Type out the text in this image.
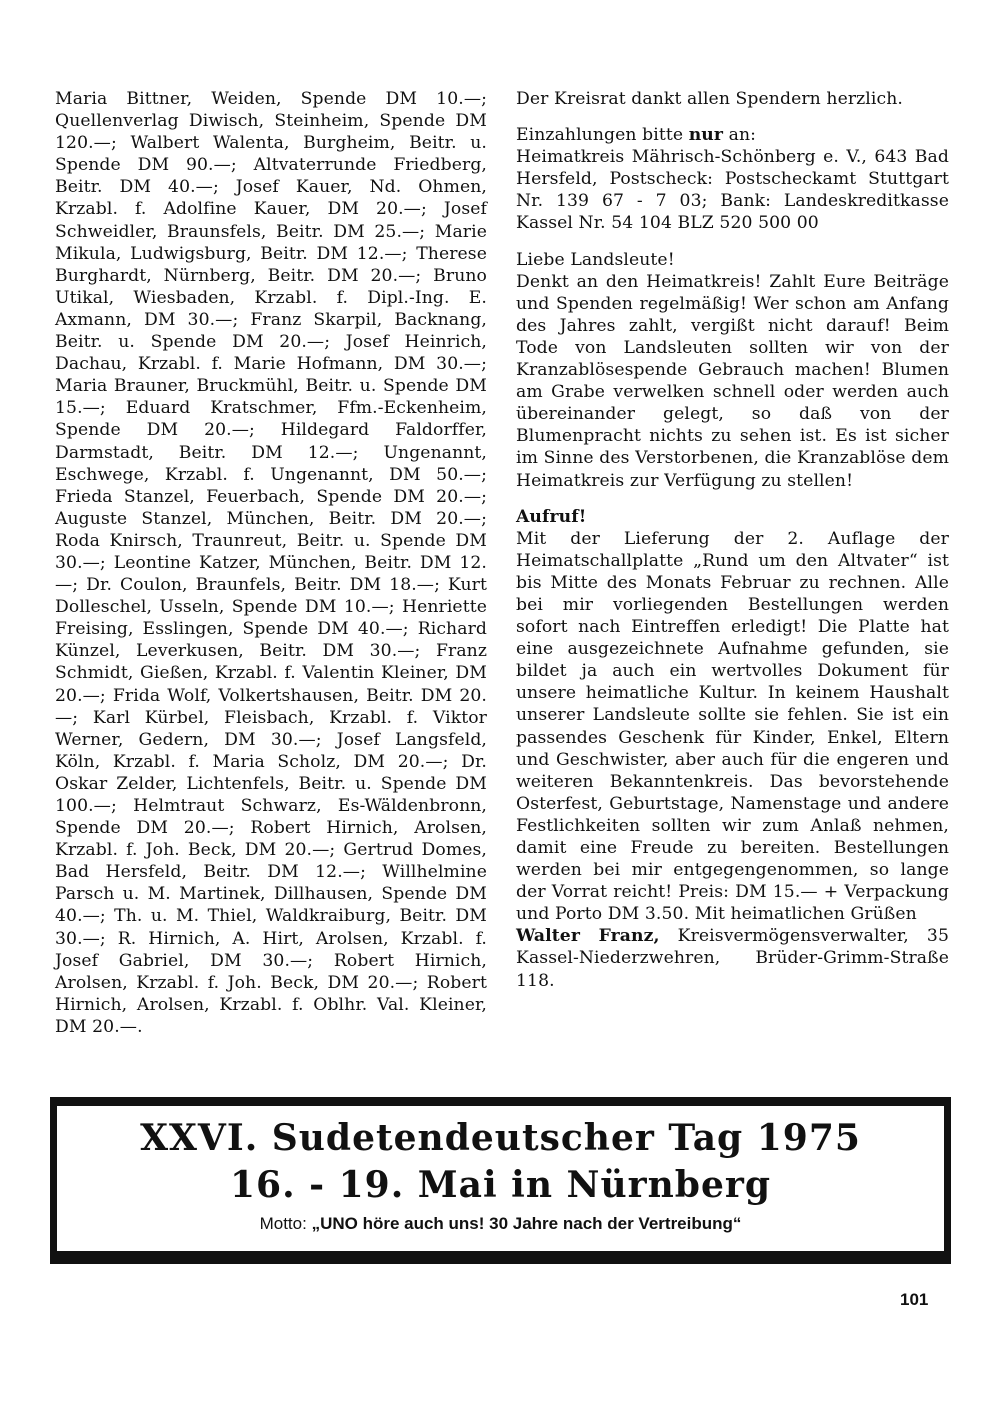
Maria Bittner, Weiden, Spende DM 10.—; Quellenverlag Diwisch, Steinheim, Spende DM 120.—; Walbert Walenta, Burgheim, Beitr. u. Spende DM 90.—; Altvaterrunde Friedberg, Beitr. DM 40.—; Josef Kauer, Nd. Ohmen, Krzabl. f. Adolfine Kauer, DM 20.—; Josef Schweidler, Braunsfels, Beitr. DM 25.—; Marie Mikula, Ludwigsburg, Beitr. DM 12.—; Therese Burghardt, Nürnberg, Beitr. DM 20.—; Bruno Utikal, Wiesbaden, Krzabl. f. Dipl.-Ing. E. Axmann, DM 30.—; Franz Skarpil, Backnang, Beitr. u. Spende DM 20.—; Josef Heinrich, Dachau, Krzabl. f. Marie Hofmann, DM 30.—; Maria Brauner, Bruckmühl, Beitr. u. Spende DM 15.—; Eduard Kratschmer, Ffm.-Eckenheim, Spende DM 20.—; Hildegard Faldorffer, Darmstadt, Beitr. DM 12.—; Ungenannt, Eschwege, Krzabl. f. Ungenannt, DM 50.—; Frieda Stanzel, Feuerbach, Spende DM 20.—; Auguste Stanzel, München, Beitr. DM 20.—; Roda Knirsch, Traunreut, Beitr. u. Spende DM 30.—; Leontine Katzer, München, Beitr. DM 12.—; Dr. Coulon, Braunfels, Beitr. DM 18.—; Kurt Dolleschel, Usseln, Spende DM 10.—; Henriette Freising, Esslingen, Spende DM 40.—; Richard Künzel, Leverkusen, Beitr. DM 30.—; Franz Schmidt, Gießen, Krzabl. f. Valentin Kleiner, DM 20.—; Frida Wolf, Volkertshausen, Beitr. DM 20.—; Karl Kürbel, Fleisbach, Krzabl. f. Viktor Werner, Gedern, DM 30.—; Josef Langsfeld, Köln, Krzabl. f. Maria Scholz, DM 20.—; Dr. Oskar Zelder, Lichtenfels, Beitr. u. Spende DM 100.—; Helmtraut Schwarz, Es-Wäldenbronn, Spende DM 20.—; Robert Hirnich, Arolsen, Krzabl. f. Joh. Beck, DM 20.—; Gertrud Domes, Bad Hersfeld, Beitr. DM 12.—; Willhelmine Parsch u. M. Martinek, Dillhausen, Spende DM 40.—; Th. u. M. Thiel, Waldkraiburg, Beitr. DM 30.—; R. Hirnich, A. Hirt, Arolsen, Krzabl. f. Josef Gabriel, DM 30.—; Robert Hirnich, Arolsen, Krzabl. f. Joh. Beck, DM 20.—; Robert Hirnich, Arolsen, Krzabl. f. Oblhr. Val. Kleiner, DM 20.—.

Der Kreisrat dankt allen Spendern herzlich.

Einzahlungen bitte nur an:

Heimatkreis Mährisch-Schönberg e. V., 643 Bad Hersfeld, Postscheck: Postscheckamt Stuttgart Nr. 139 67 - 7 03; Bank: Landeskreditkasse Kassel Nr. 54 104 BLZ 520 500 00

Liebe Landsleute!

Denkt an den Heimatkreis! Zahlt Eure Beiträge und Spenden regelmäßig! Wer schon am Anfang des Jahres zahlt, vergißt nicht darauf! Beim Tode von Landsleuten sollten wir von der Kranzablösespende Gebrauch machen! Blumen am Grabe verwelken schnell oder werden auch übereinander gelegt, so daß von der Blumenpracht nichts zu sehen ist. Es ist sicher im Sinne des Verstorbenen, die Kranzablöse dem Heimatkreis zur Verfügung zu stellen!

Aufruf!

Mit der Lieferung der 2. Auflage der Heimatschallplatte „Rund um den Altvater“ ist bis Mitte des Monats Februar zu rechnen. Alle bei mir vorliegenden Bestellungen werden sofort nach Eintreffen erledigt! Die Platte hat eine ausgezeichnete Aufnahme gefunden, sie bildet ja auch ein wertvolles Dokument für unsere heimatliche Kultur. In keinem Haushalt unserer Landsleute sollte sie fehlen. Sie ist ein passendes Geschenk für Kinder, Enkel, Eltern und Geschwister, aber auch für die engeren und weiteren Bekanntenkreis. Das bevorstehende Osterfest, Geburtstage, Namenstage und andere Festlichkeiten sollten wir zum Anlaß nehmen, damit eine Freude zu bereiten. Bestellungen werden bei mir entgegengenommen, so lange der Vorrat reicht! Preis: DM 15.— + Verpackung und Porto DM 3.50. Mit heimatlichen Grüßen

Walter Franz, Kreisvermögensverwalter, 35 Kassel-Niederzwehren, Brüder-Grimm-Straße 118.

XXVI. Sudetendeutscher Tag 1975
16. - 19. Mai in Nürnberg
Motto: „UNO höre auch uns! 30 Jahre nach der Vertreibung“
101
